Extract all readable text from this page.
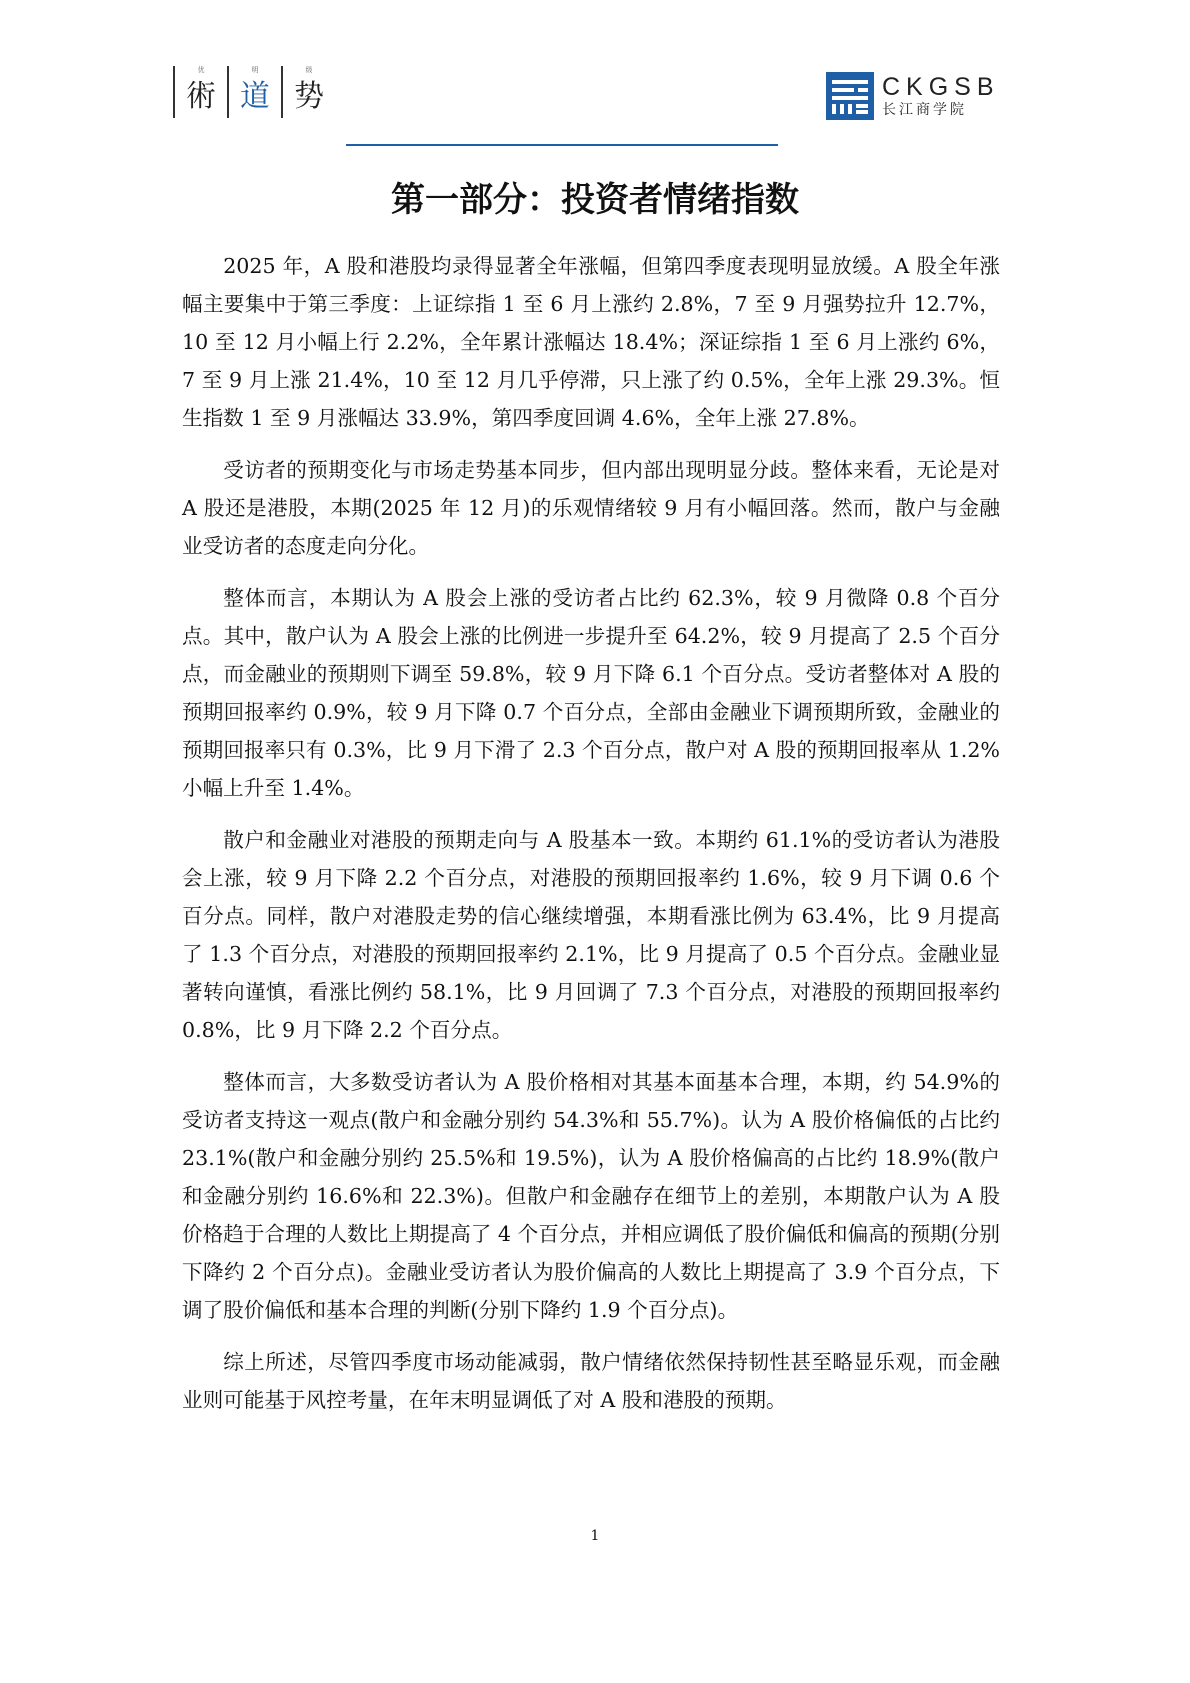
优
術
明
道
级
势	CKGSB
长江商学院
第一部分：投资者情绪指数

2025 年，A 股和港股均录得显著全年涨幅，但第四季度表现明显放缓。A 股全年涨幅主要集中于第三季度：上证综指 1 至 6 月上涨约 2.8%，7 至 9 月强势拉升 12.7%，10 至 12 月小幅上行 2.2%，全年累计涨幅达 18.4%；深证综指 1 至 6 月上涨约 6%，7 至 9 月上涨 21.4%，10 至 12 月几乎停滞，只上涨了约 0.5%，全年上涨 29.3%。恒生指数 1 至 9 月涨幅达 33.9%，第四季度回调 4.6%，全年上涨 27.8%。

受访者的预期变化与市场走势基本同步，但内部出现明显分歧。整体来看，无论是对 A 股还是港股，本期(2025 年 12 月)的乐观情绪较 9 月有小幅回落。然而，散户与金融业受访者的态度走向分化。

整体而言，本期认为 A 股会上涨的受访者占比约 62.3%，较 9 月微降 0.8 个百分点。其中，散户认为 A 股会上涨的比例进一步提升至 64.2%，较 9 月提高了 2.5 个百分点，而金融业的预期则下调至 59.8%，较 9 月下降 6.1 个百分点。受访者整体对 A 股的预期回报率约 0.9%，较 9 月下降 0.7 个百分点，全部由金融业下调预期所致，金融业的预期回报率只有 0.3%，比 9 月下滑了 2.3 个百分点，散户对 A 股的预期回报率从 1.2%小幅上升至 1.4%。

散户和金融业对港股的预期走向与 A 股基本一致。本期约 61.1%的受访者认为港股会上涨，较 9 月下降 2.2 个百分点，对港股的预期回报率约 1.6%，较 9 月下调 0.6 个百分点。同样，散户对港股走势的信心继续增强，本期看涨比例为 63.4%，比 9 月提高了 1.3 个百分点，对港股的预期回报率约 2.1%，比 9 月提高了 0.5 个百分点。金融业显著转向谨慎，看涨比例约 58.1%，比 9 月回调了 7.3 个百分点，对港股的预期回报率约 0.8%，比 9 月下降 2.2 个百分点。

整体而言，大多数受访者认为 A 股价格相对其基本面基本合理，本期，约 54.9%的受访者支持这一观点(散户和金融分别约 54.3%和 55.7%)。认为 A 股价格偏低的占比约 23.1%(散户和金融分别约 25.5%和 19.5%)，认为 A 股价格偏高的占比约 18.9%(散户和金融分别约 16.6%和 22.3%)。但散户和金融存在细节上的差别，本期散户认为 A 股价格趋于合理的人数比上期提高了 4 个百分点，并相应调低了股价偏低和偏高的预期(分别下降约 2 个百分点)。金融业受访者认为股价偏高的人数比上期提高了 3.9 个百分点，下调了股价偏低和基本合理的判断(分别下降约 1.9 个百分点)。

综上所述，尽管四季度市场动能减弱，散户情绪依然保持韧性甚至略显乐观，而金融业则可能基于风控考量，在年末明显调低了对 A 股和港股的预期。

1
